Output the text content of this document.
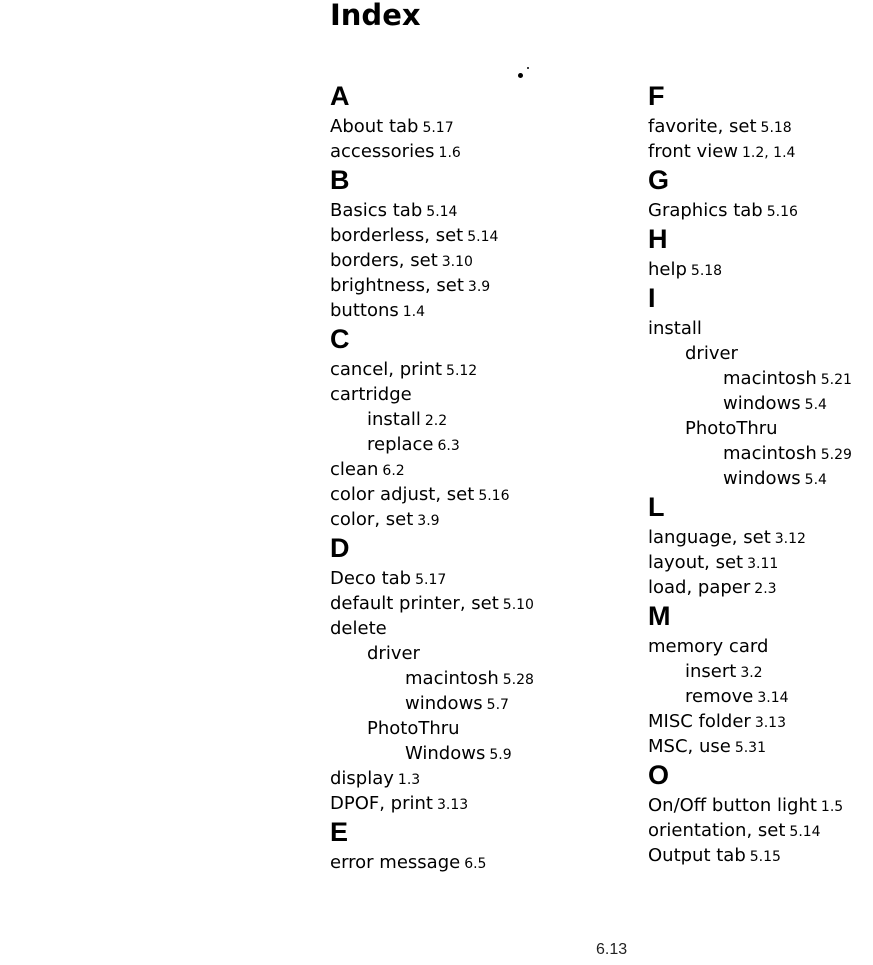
Index
A
About tab 5.17
accessories 1.6
B
Basics tab 5.14
borderless, set 5.14
borders, set 3.10
brightness, set 3.9
buttons 1.4
C
cancel, print 5.12
cartridge
install 2.2
replace 6.3
clean 6.2
color adjust, set 5.16
color, set 3.9
D
Deco tab 5.17
default printer, set 5.10
delete
driver
macintosh 5.28
windows 5.7
PhotoThru
Windows 5.9
display 1.3
DPOF, print 3.13
E
error message 6.5
F
favorite, set 5.18
front view 1.2, 1.4
G
Graphics tab 5.16
H
help 5.18
I
install
driver
macintosh 5.21
windows 5.4
PhotoThru
macintosh 5.29
windows 5.4
L
language, set 3.12
layout, set 3.11
load, paper 2.3
M
memory card
insert 3.2
remove 3.14
MISC folder 3.13
MSC, use 5.31
O
On/Off button light 1.5
orientation, set 5.14
Output tab 5.15
6.13
